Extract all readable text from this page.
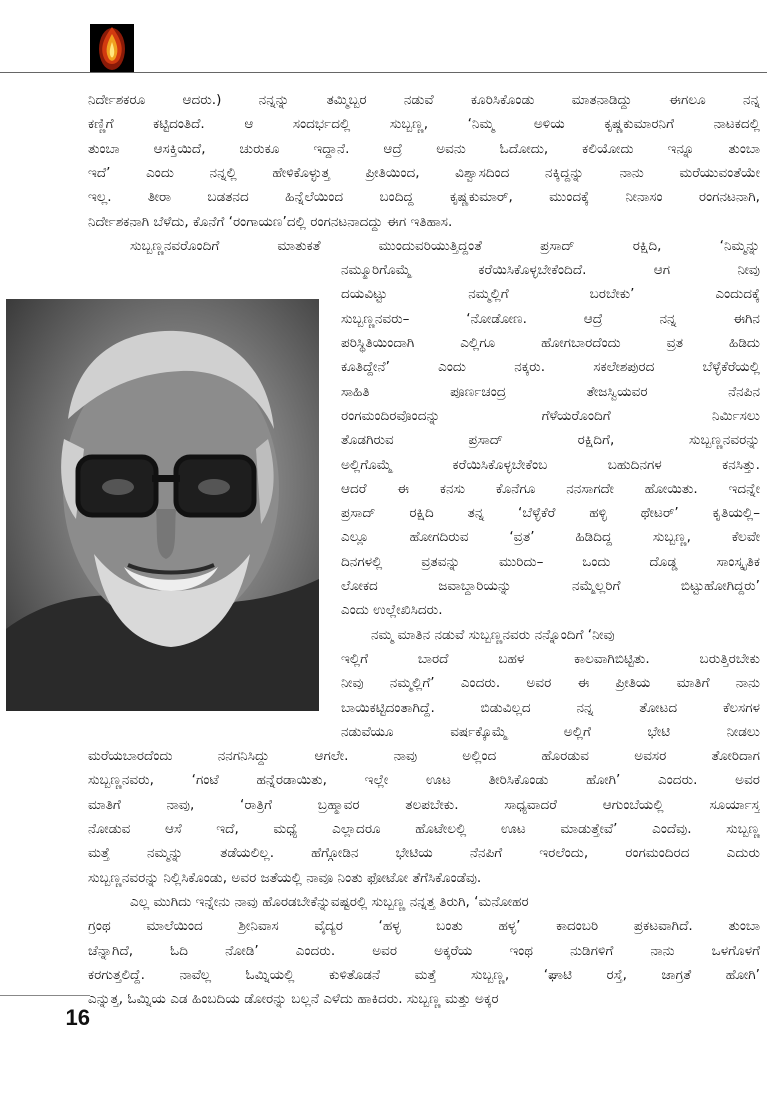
ನಿರ್ದೇಶಕರೂ ಆದರು.) ನನ್ನನ್ನು ತಮ್ಮಿಬ್ಬರ ನಡುವೆ ಕೂರಿಸಿಕೊಂಡು ಮಾತನಾಡಿದ್ದು ಈಗಲೂ ನನ್ನ
ಕಣ್ಣಿಗೆ ಕಟ್ಟಿದಂತಿದೆ. ಆ ಸಂದರ್ಭದಲ್ಲಿ ಸುಬ್ಬಣ್ಣ, ‘ನಿಮ್ಮ ಅಳಿಯ ಕೃಷ್ಣಕುಮಾರನಿಗೆ ನಾಟಕದಲ್ಲಿ
ತುಂಬಾ ಆಸಕ್ತಿಯಿದೆ, ಚುರುಕೂ ಇದ್ದಾನೆ. ಆದ್ರೆ ಅವನು ಓದೋದು, ಕಲಿಯೋದು ಇನ್ನೂ ತುಂಬಾ
ಇದೆ’ ಎಂದು ನನ್ನಲ್ಲಿ ಹೇಳಿಕೊಳ್ಳುತ್ತ ಪ್ರೀತಿಯಿಂದ, ವಿಶ್ವಾಸದಿಂದ ನಕ್ಕಿದ್ದನ್ನು ನಾನು ಮರೆಯುವಂತೆಯೇ
ಇಲ್ಲ. ತೀರಾ ಬಡತನದ ಹಿನ್ನೆಲೆಯಿಂದ ಬಂದಿದ್ದ ಕೃಷ್ಣಕುಮಾರ್, ಮುಂದಕ್ಕೆ ನೀನಾಸಂ ರಂಗನಟನಾಗಿ,
ನಿರ್ದೇಶಕನಾಗಿ ಬೆಳೆದು, ಕೊನೆಗೆ ‘ರಂಗಾಯಣ’ದಲ್ಲಿ ರಂಗನಟನಾದದ್ದು ಈಗ ಇತಿಹಾಸ.
ಸುಬ್ಬಣ್ಣನವರೊಂದಿಗೆ ಮಾತುಕತೆ ಮುಂದುವರಿಯುತ್ತಿದ್ದಂತೆ ಪ್ರಸಾದ್ ರಕ್ಷಿದಿ, ‘ನಿಮ್ಮನ್ನು
ನಮ್ಮೂರಿಗೊಮ್ಮೆ ಕರೆಯಿಸಿಕೊಳ್ಳಬೇಕೆಂದಿದೆ. ಆಗ ನೀವು
ದಯವಿಟ್ಟು ನಮ್ಮಲ್ಲಿಗೆ ಬರಬೇಕು’ ಎಂದುದಕ್ಕೆ
ಸುಬ್ಬಣ್ಣನವರು– ‘ನೋಡೋಣ. ಆದ್ರೆ ನನ್ನ ಈಗಿನ
ಪರಿಸ್ಥಿತಿಯಿಂದಾಗಿ ಎಲ್ಲಿಗೂ ಹೋಗಬಾರದೆಂದು ವ್ರತ ಹಿಡಿದು
ಕೂತಿದ್ದೇನೆ’ ಎಂದು ನಕ್ಕರು. ಸಕಲೇಶಪುರದ ಬೆಳ್ಳೆಕೆರೆಯಲ್ಲಿ
ಸಾಹಿತಿ ಪೂರ್ಣಚಂದ್ರ ತೇಜಸ್ವಿಯವರ ನೆನಪಿನ
ರಂಗಮಂದಿರವೊಂದನ್ನು ಗೆಳೆಯರೊಂದಿಗೆ ನಿರ್ಮಿಸಲು
ತೊಡಗಿರುವ ಪ್ರಸಾದ್ ರಕ್ಷಿದಿಗೆ, ಸುಬ್ಬಣ್ಣನವರನ್ನು
ಅಲ್ಲಿಗೊಮ್ಮೆ ಕರೆಯಿಸಿಕೊಳ್ಳಬೇಕೆಂಬ ಬಹುದಿನಗಳ ಕನಸಿತ್ತು.
ಆದರೆ ಈ ಕನಸು ಕೊನೆಗೂ ನನಸಾಗದೇ ಹೋಯಿತು. ಇದನ್ನೇ
ಪ್ರಸಾದ್ ರಕ್ಷಿದಿ ತನ್ನ ‘ಬೆಳ್ಳೆಕೆರೆ ಹಳ್ಳಿ ಥೇಟರ್’ ಕೃತಿಯಲ್ಲಿ–
ಎಲ್ಲೂ ಹೋಗದಿರುವ ‘ವ್ರತ’ ಹಿಡಿದಿದ್ದ ಸುಬ್ಬಣ್ಣ, ಕೆಲವೇ
ದಿನಗಳಲ್ಲಿ ವ್ರತವನ್ನು ಮುರಿದು– ಒಂದು ದೊಡ್ಡ ಸಾಂಸ್ಕೃತಿಕ
ಲೋಕದ ಜವಾಬ್ದಾರಿಯನ್ನು ನಮ್ಮೆಲ್ಲರಿಗೆ ಬಿಟ್ಟುಹೋಗಿದ್ದರು’
ಎಂದು ಉಲ್ಲೇಖಿಸಿದರು.
ನಮ್ಮ ಮಾತಿನ ನಡುವೆ ಸುಬ್ಬಣ್ಣನವರು ನನ್ನೊಂದಿಗೆ ‘ನೀವು
ಇಲ್ಲಿಗೆ ಬಾರದೆ ಬಹಳ ಕಾಲವಾಗಿಬಿಟ್ಟಿತು. ಬರುತ್ತಿರಬೇಕು
ನೀವು ನಮ್ಮಲ್ಲಿಗೆ’ ಎಂದರು. ಅವರ ಈ ಪ್ರೀತಿಯ ಮಾತಿಗೆ ನಾನು
ಬಾಯಿಕಟ್ಟಿದಂತಾಗಿದ್ದೆ. ಬಿಡುವಿಲ್ಲದ ನನ್ನ ತೋಟದ ಕೆಲಸಗಳ
ನಡುವೆಯೂ ವರ್ಷಕ್ಕೊಮ್ಮೆ ಅಲ್ಲಿಗೆ ಭೇಟಿ ನೀಡಲು
ಮರೆಯಬಾರದೆಂದು ನನಗನಿಸಿದ್ದು ಆಗಲೇ. ನಾವು ಅಲ್ಲಿಂದ ಹೊರಡುವ ಅವಸರ ತೋರಿದಾಗ
ಸುಬ್ಬಣ್ಣನವರು, ‘ಗಂಟೆ ಹನ್ನೆರಡಾಯಿತು, ಇಲ್ಲೇ ಊಟ ತೀರಿಸಿಕೊಂಡು ಹೋಗಿ’ ಎಂದರು. ಅವರ
ಮಾತಿಗೆ ನಾವು, ‘ರಾತ್ರಿಗೆ ಬ್ರಹ್ಮಾವರ ತಲಪಬೇಕು. ಸಾಧ್ಯವಾದರೆ ಆಗುಂಬೆಯಲ್ಲಿ ಸೂರ್ಯಾಸ್ತ
ನೋಡುವ ಆಸೆ ಇದೆ, ಮಧ್ಯೆ ಎಲ್ಲಾದರೂ ಹೊಟೇಲಲ್ಲಿ ಊಟ ಮಾಡುತ್ತೇವೆ’ ಎಂದೆವು. ಸುಬ್ಬಣ್ಣ
ಮತ್ತೆ ನಮ್ಮನ್ನು ತಡೆಯಲಿಲ್ಲ. ಹೆಗ್ಗೋಡಿನ ಭೇಟಿಯ ನೆನಪಿಗೆ ಇರಲೆಂದು, ರಂಗಮಂದಿರದ ಎದುರು
ಸುಬ್ಬಣ್ಣನವರನ್ನು ನಿಲ್ಲಿಸಿಕೊಂಡು, ಅವರ ಜತೆಯಲ್ಲಿ ನಾವೂ ನಿಂತು ಫೋಟೋ ತೆಗೆಸಿಕೊಂಡೆವು.
ಎಲ್ಲ ಮುಗಿದು ಇನ್ನೇನು ನಾವು ಹೊರಡಬೇಕೆನ್ನುವಷ್ಟರಲ್ಲಿ ಸುಬ್ಬಣ್ಣ ನನ್ನತ್ತ ತಿರುಗಿ, ‘ಮನೋಹರ
ಗ್ರಂಥ ಮಾಲೆಯಿಂದ ಶ್ರೀನಿವಾಸ ವೈದ್ಯರ ‘ಹಳ್ಳ ಬಂತು ಹಳ್ಳ’ ಕಾದಂಬರಿ ಪ್ರಕಟವಾಗಿದೆ. ತುಂಬಾ
ಚೆನ್ನಾಗಿದೆ, ಓದಿ ನೋಡಿ’ ಎಂದರು. ಅವರ ಅಕ್ಕರೆಯ ಇಂಥ ನುಡಿಗಳಿಗೆ ನಾನು ಒಳಗೊಳಗೆ
ಕರಗುತ್ತಲಿದ್ದೆ. ನಾವೆಲ್ಲ ಓಮ್ನಿಯಲ್ಲಿ ಕುಳಿತೊಡನೆ ಮತ್ತೆ ಸುಬ್ಬಣ್ಣ, ‘ಘಾಟಿ ರಸ್ತೆ, ಜಾಗ್ರತೆ ಹೋಗಿ’
ಎನ್ನುತ್ತ, ಓಮ್ನಿಯ ಎಡ ಹಿಂಬದಿಯ ಡೋರನ್ನು ಬಲ್ಲನೆ ಎಳೆದು ಹಾಕಿದರು. ಸುಬ್ಬಣ್ಣ ಮತ್ತು ಅಕ್ಕರ
16
